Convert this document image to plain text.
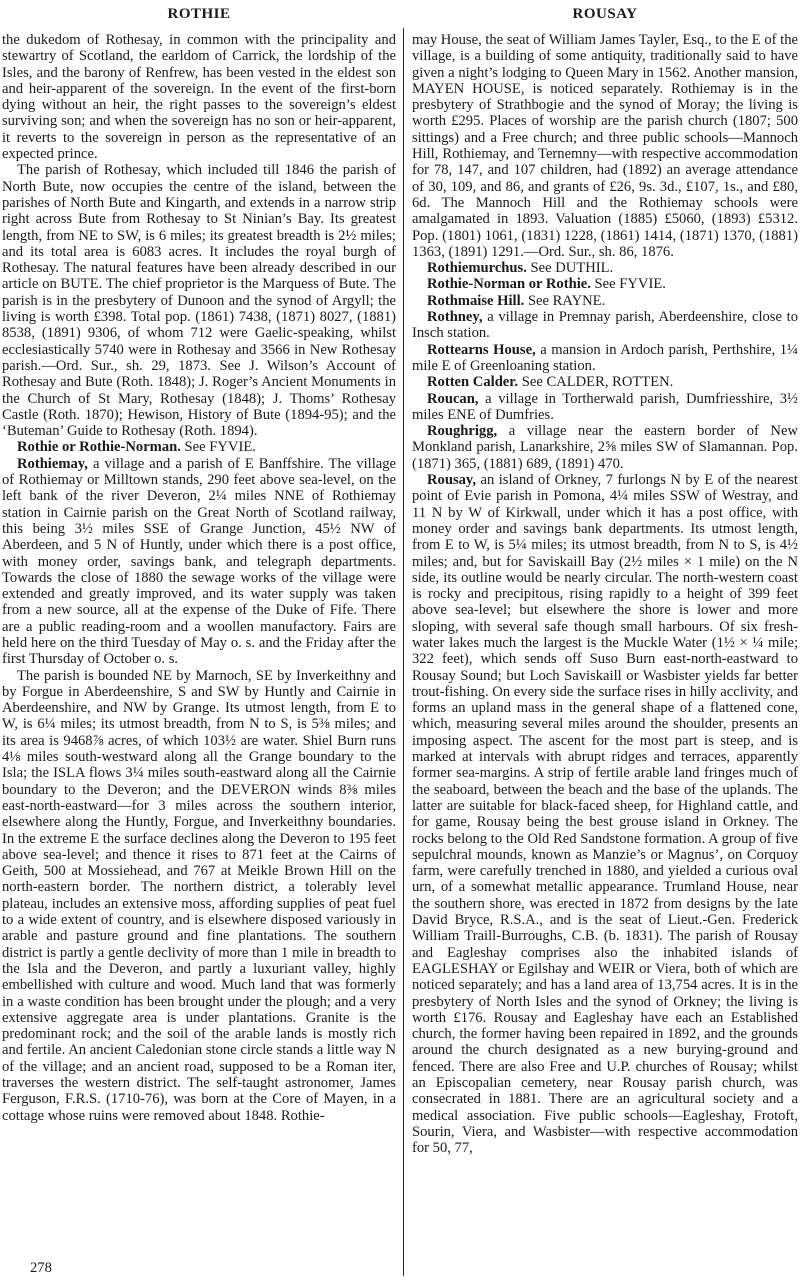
ROTHIE	ROUSAY

the dukedom of Rothesay, in common with the principality and stewartry of Scotland, the earldom of Carrick, the lordship of the Isles, and the barony of Renfrew, has been vested in the eldest son and heir-apparent of the sovereign. In the event of the first-born dying without an heir, the right passes to the sovereign’s eldest surviving son; and when the sovereign has no son or heir-apparent, it reverts to the sovereign in person as the representative of an expected prince.

The parish of Rothesay, which included till 1846 the parish of North Bute, now occupies the centre of the island, between the parishes of North Bute and Kingarth, and extends in a narrow strip right across Bute from Rothesay to St Ninian’s Bay. Its greatest length, from NE to SW, is 6 miles; its greatest breadth is 2½ miles; and its total area is 6083 acres. It includes the royal burgh of Rothesay. The natural features have been already described in our article on BUTE. The chief proprietor is the Marquess of Bute. The parish is in the presbytery of Dunoon and the synod of Argyll; the living is worth £398. Total pop. (1861) 7438, (1871) 8027, (1881) 8538, (1891) 9306, of whom 712 were Gaelic-speaking, whilst ecclesiastically 5740 were in Rothesay and 3566 in New Rothesay parish.—Ord. Sur., sh. 29, 1873. See J. Wilson’s Account of Rothesay and Bute (Roth. 1848); J. Roger’s Ancient Monuments in the Church of St Mary, Rothesay (1848); J. Thoms’ Rothesay Castle (Roth. 1870); Hewison, History of Bute (1894-95); and the ‘Buteman’ Guide to Rothesay (Roth. 1894).

Rothie or Rothie-Norman. See FYVIE.

Rothiemay, a village and a parish of E Banffshire. The village of Rothiemay or Milltown stands, 290 feet above sea-level, on the left bank of the river Deveron, 2¼ miles NNE of Rothiemay station in Cairnie parish on the Great North of Scotland railway, this being 3½ miles SSE of Grange Junction, 45½ NW of Aberdeen, and 5 N of Huntly, under which there is a post office, with money order, savings bank, and telegraph departments. Towards the close of 1880 the sewage works of the village were extended and greatly improved, and its water supply was taken from a new source, all at the expense of the Duke of Fife. There are a public reading-room and a woollen manufactory. Fairs are held here on the third Tuesday of May o. s. and the Friday after the first Thursday of October o. s.

The parish is bounded NE by Marnoch, SE by Inverkeithny and by Forgue in Aberdeenshire, S and SW by Huntly and Cairnie in Aberdeenshire, and NW by Grange. Its utmost length, from E to W, is 6¼ miles; its utmost breadth, from N to S, is 5⅜ miles; and its area is 9468⅞ acres, of which 103½ are water. Shiel Burn runs 4⅛ miles south-westward along all the Grange boundary to the Isla; the ISLA flows 3¼ miles south-eastward along all the Cairnie boundary to the Deveron; and the DEVERON winds 8⅜ miles east-north-eastward—for 3 miles across the southern interior, elsewhere along the Huntly, Forgue, and Inverkeithny boundaries. In the extreme E the surface declines along the Deveron to 195 feet above sea-level; and thence it rises to 871 feet at the Cairns of Geith, 500 at Mossiehead, and 767 at Meikle Brown Hill on the north-eastern border. The northern district, a tolerably level plateau, includes an extensive moss, affording supplies of peat fuel to a wide extent of country, and is elsewhere disposed variously in arable and pasture ground and fine plantations. The southern district is partly a gentle declivity of more than 1 mile in breadth to the Isla and the Deveron, and partly a luxuriant valley, highly embellished with culture and wood. Much land that was formerly in a waste condition has been brought under the plough; and a very extensive aggregate area is under plantations. Granite is the predominant rock; and the soil of the arable lands is mostly rich and fertile. An ancient Caledonian stone circle stands a little way N of the village; and an ancient road, supposed to be a Roman iter, traverses the western district. The self-taught astronomer, James Ferguson, F.R.S. (1710-76), was born at the Core of Mayen, in a cottage whose ruins were removed about 1848. Rothie-

may House, the seat of William James Tayler, Esq., to the E of the village, is a building of some antiquity, traditionally said to have given a night’s lodging to Queen Mary in 1562. Another mansion, MAYEN HOUSE, is noticed separately. Rothiemay is in the presbytery of Strathbogie and the synod of Moray; the living is worth £295. Places of worship are the parish church (1807; 500 sittings) and a Free church; and three public schools—Mannoch Hill, Rothiemay, and Ternemny—with respective accommodation for 78, 147, and 107 children, had (1892) an average attendance of 30, 109, and 86, and grants of £26, 9s. 3d., £107, 1s., and £80, 6d. The Mannoch Hill and the Rothiemay schools were amalgamated in 1893. Valuation (1885) £5060, (1893) £5312. Pop. (1801) 1061, (1831) 1228, (1861) 1414, (1871) 1370, (1881) 1363, (1891) 1291.—Ord. Sur., sh. 86, 1876.

Rothiemurchus. See DUTHIL.

Rothie-Norman or Rothie. See FYVIE.

Rothmaise Hill. See RAYNE.

Rothney, a village in Premnay parish, Aberdeenshire, close to Insch station.

Rottearns House, a mansion in Ardoch parish, Perthshire, 1¼ mile E of Greenloaning station.

Rotten Calder. See CALDER, ROTTEN.

Roucan, a village in Tortherwald parish, Dumfriesshire, 3½ miles ENE of Dumfries.

Roughrigg, a village near the eastern border of New Monkland parish, Lanarkshire, 2⅝ miles SW of Slamannan. Pop. (1871) 365, (1881) 689, (1891) 470.

Rousay, an island of Orkney, 7 furlongs N by E of the nearest point of Evie parish in Pomona, 4¼ miles SSW of Westray, and 11 N by W of Kirkwall, under which it has a post office, with money order and savings bank departments. Its utmost length, from E to W, is 5¼ miles; its utmost breadth, from N to S, is 4½ miles; and, but for Saviskaill Bay (2½ miles × 1 mile) on the N side, its outline would be nearly circular. The north-western coast is rocky and precipitous, rising rapidly to a height of 399 feet above sea-level; but elsewhere the shore is lower and more sloping, with several safe though small harbours. Of six fresh-water lakes much the largest is the Muckle Water (1½ × ¼ mile; 322 feet), which sends off Suso Burn east-north-eastward to Rousay Sound; but Loch Saviskaill or Wasbister yields far better trout-fishing. On every side the surface rises in hilly acclivity, and forms an upland mass in the general shape of a flattened cone, which, measuring several miles around the shoulder, presents an imposing aspect. The ascent for the most part is steep, and is marked at intervals with abrupt ridges and terraces, apparently former sea-margins. A strip of fertile arable land fringes much of the seaboard, between the beach and the base of the uplands. The latter are suitable for black-faced sheep, for Highland cattle, and for game, Rousay being the best grouse island in Orkney. The rocks belong to the Old Red Sandstone formation. A group of five sepulchral mounds, known as Manzie’s or Magnus’, on Corquoy farm, were carefully trenched in 1880, and yielded a curious oval urn, of a somewhat metallic appearance. Trumland House, near the southern shore, was erected in 1872 from designs by the late David Bryce, R.S.A., and is the seat of Lieut.-Gen. Frederick William Traill-Burroughs, C.B. (b. 1831). The parish of Rousay and Eagleshay comprises also the inhabited islands of EAGLESHAY or Egilshay and WEIR or Viera, both of which are noticed separately; and has a land area of 13,754 acres. It is in the presbytery of North Isles and the synod of Orkney; the living is worth £176. Rousay and Eagleshay have each an Established church, the former having been repaired in 1892, and the grounds around the church designated as a new burying-ground and fenced. There are also Free and U.P. churches of Rousay; whilst an Episcopalian cemetery, near Rousay parish church, was consecrated in 1881. There are an agricultural society and a medical association. Five public schools—Eagleshay, Frotoft, Sourin, Viera, and Wasbister—with respective accommodation for 50, 77,

278
